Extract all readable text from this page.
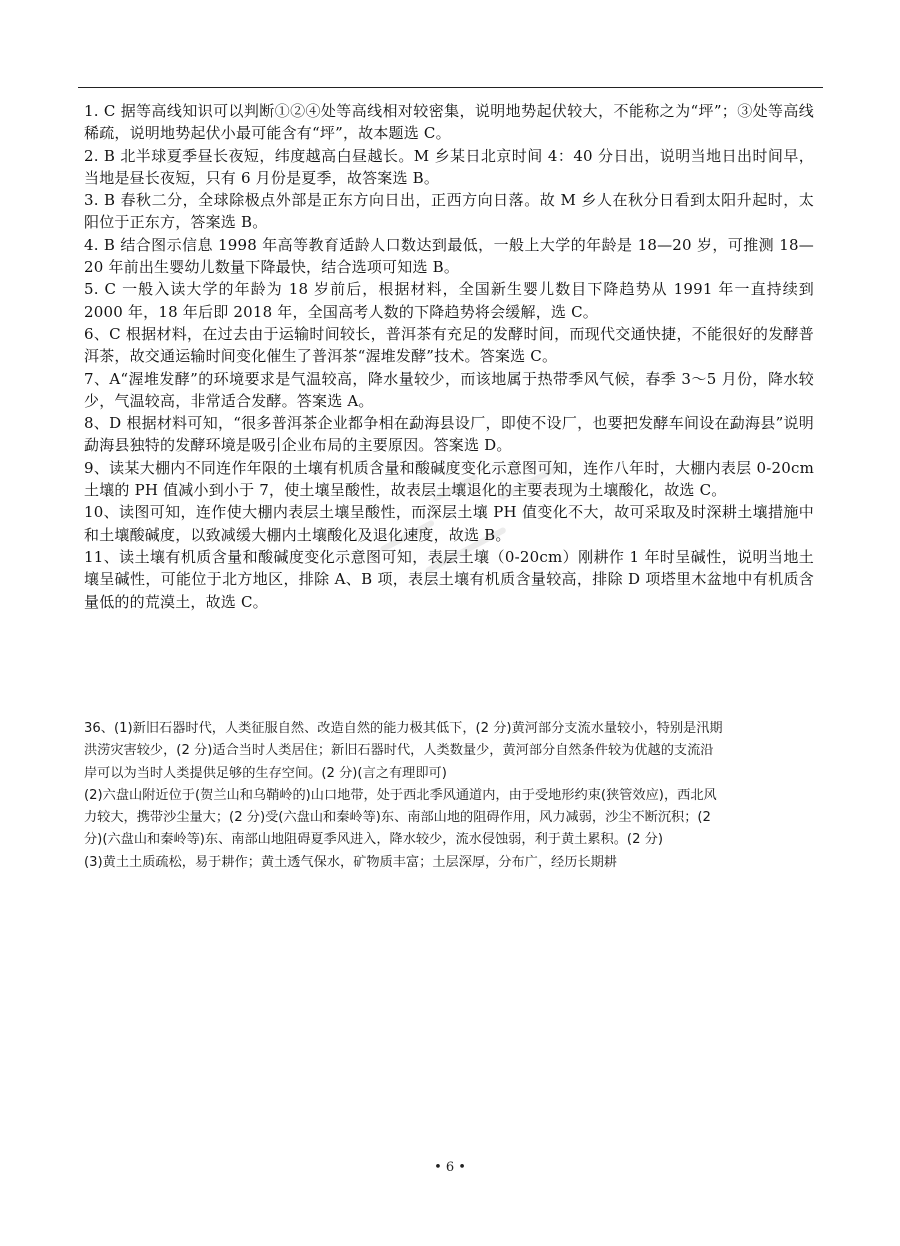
1. C 据等高线知识可以判断①②④处等高线相对较密集，说明地势起伏较大，不能称之为“坪”；③处等高线稀疏，说明地势起伏小最可能含有“坪”，故本题选 C。

2. B 北半球夏季昼长夜短，纬度越高白昼越长。M 乡某日北京时间 4：40 分日出，说明当地日出时间早，当地是昼长夜短，只有 6 月份是夏季，故答案选 B。

3. B 春秋二分，全球除极点外部是正东方向日出，正西方向日落。故 M 乡人在秋分日看到太阳升起时，太阳位于正东方，答案选 B。

4. B 结合图示信息 1998 年高等教育适龄人口数达到最低，一般上大学的年龄是 18—20 岁，可推测 18—20 年前出生婴幼儿数量下降最快，结合选项可知选 B。

5. C 一般入读大学的年龄为 18 岁前后，根据材料，全国新生婴儿数目下降趋势从 1991 年一直持续到 2000 年，18 年后即 2018 年，全国高考人数的下降趋势将会缓解，选 C。

6、C 根据材料，在过去由于运输时间较长，普洱茶有充足的发酵时间，而现代交通快捷，不能很好的发酵普洱茶，故交通运输时间变化催生了普洱茶“渥堆发酵”技术。答案选 C。

7、A“渥堆发酵”的环境要求是气温较高，降水量较少，而该地属于热带季风气候，春季 3～5 月份，降水较少，气温较高，非常适合发酵。答案选 A。

8、D 根据材料可知，“很多普洱茶企业都争相在勐海县设厂，即使不设厂，也要把发酵车间设在勐海县”说明勐海县独特的发酵环境是吸引企业布局的主要原因。答案选 D。

9、读某大棚内不同连作年限的土壤有机质含量和酸碱度变化示意图可知，连作八年时，大棚内表层 0-20cm 土壤的 PH 值减小到小于 7，使土壤呈酸性，故表层土壤退化的主要表现为土壤酸化，故选 C。

10、读图可知，连作使大棚内表层土壤呈酸性，而深层土壤 PH 值变化不大，故可采取及时深耕土壤措施中和土壤酸碱度，以致减缓大棚内土壤酸化及退化速度，故选 B。

11、读土壤有机质含量和酸碱度变化示意图可知，表层土壤（0-20cm）刚耕作 1 年时呈碱性，说明当地土壤呈碱性，可能位于北方地区，排除 A、B 项，表层土壤有机质含量较高，排除 D 项塔里木盆地中有机质含量低的的荒漠土，故选 C。

36、(1)新旧石器时代，人类征服自然、改造自然的能力极其低下，(2 分)黄河部分支流水量较小，特别是汛期洪涝灾害较少，(2 分)适合当时人类居住；新旧石器时代，人类数量少，黄河部分自然条件较为优越的支流沿岸可以为当时人类提供足够的生存空间。(2 分)(言之有理即可)

(2)六盘山附近位于(贺兰山和乌鞘岭的)山口地带，处于西北季风通道内，由于受地形约束(狭管效应)，西北风力较大，携带沙尘量大；(2 分)受(六盘山和秦岭等)东、南部山地的阻碍作用，风力减弱，沙尘不断沉积；(2 分)(六盘山和秦岭等)东、南部山地阻碍夏季风进入，降水较少，流水侵蚀弱，利于黄土累积。(2 分)

(3)黄土土质疏松，易于耕作；黄土透气保水，矿物质丰富；土层深厚，分布广，经历长期耕

• 6 •
